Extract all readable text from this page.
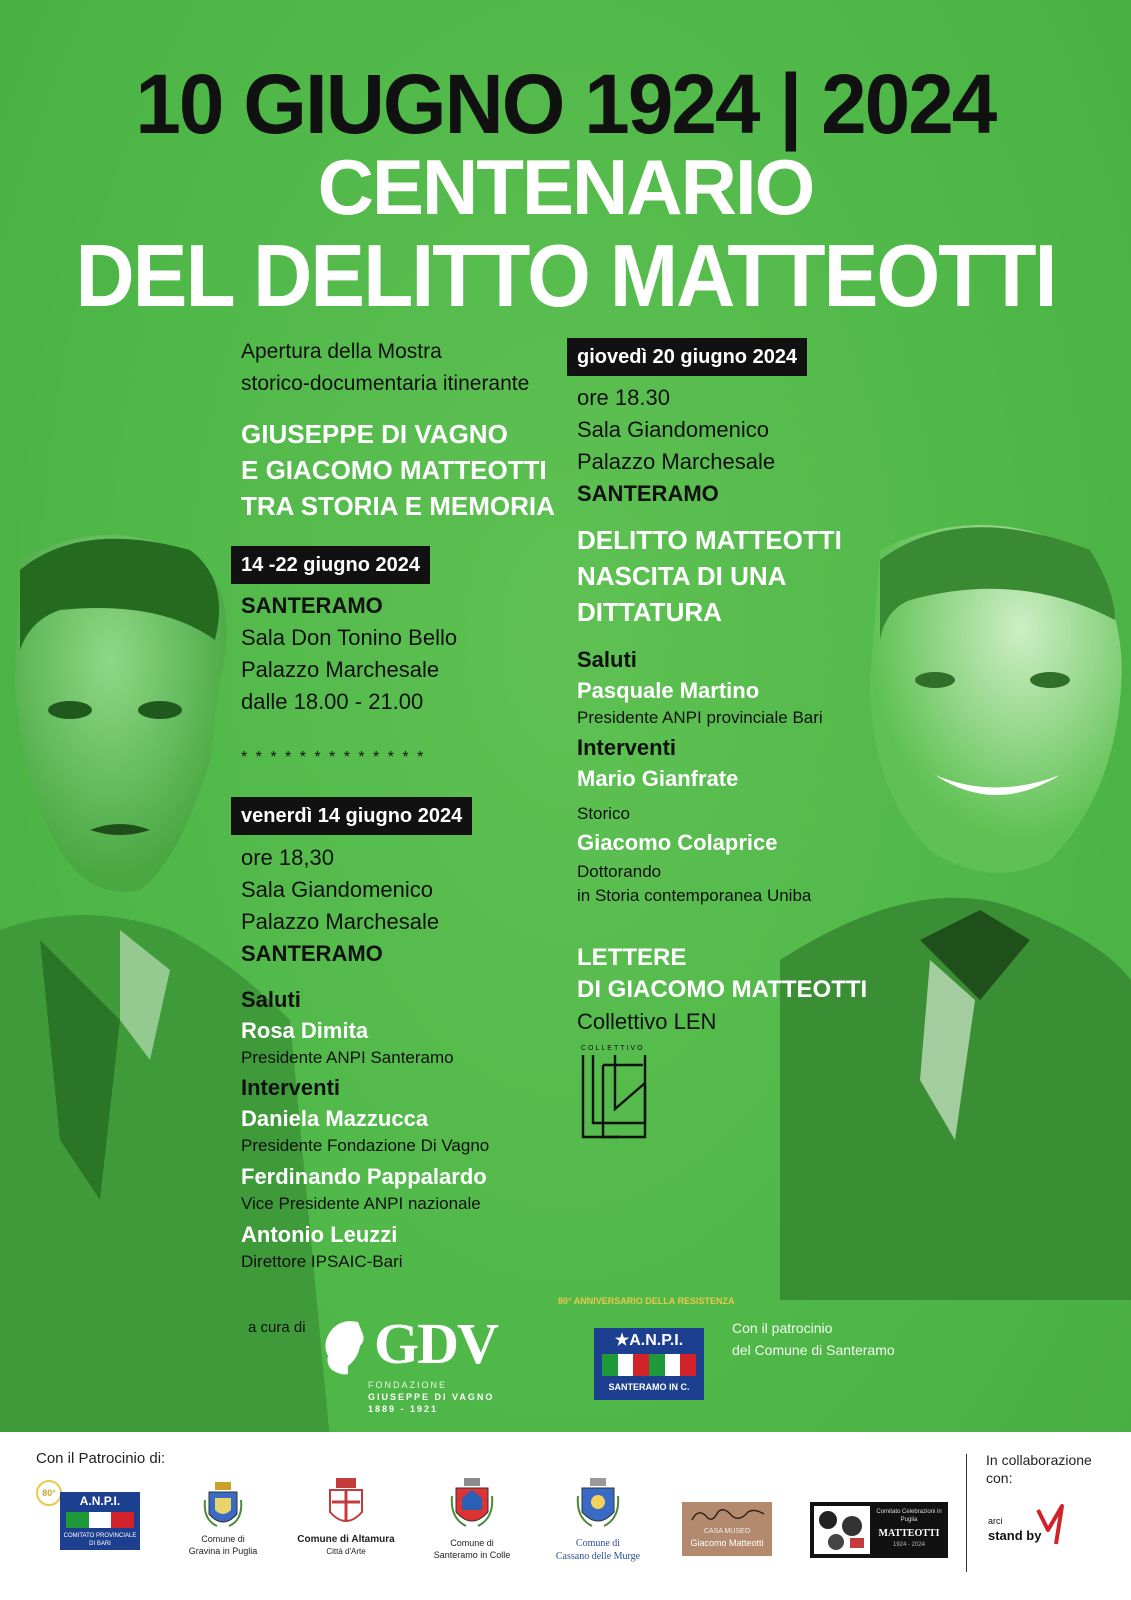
10 GIUGNO 1924 | 2024
CENTENARIO
DEL DELITTO MATTEOTTI
Apertura della Mostra
storico-documentaria itinerante
GIUSEPPE DI VAGNO
E GIACOMO MATTEOTTI
TRA STORIA E MEMORIA
14 -22 giugno 2024
SANTERAMO
Sala Don Tonino Bello
Palazzo Marchesale
dalle 18.00 - 21.00
* * * * * * * * * * * * *
venerdì 14 giugno 2024
ore 18,30
Sala Giandomenico
Palazzo Marchesale
SANTERAMO
Saluti
Rosa Dimita
Presidente ANPI Santeramo
Interventi
Daniela Mazzucca
Presidente Fondazione Di Vagno
Ferdinando Pappalardo
Vice Presidente ANPI nazionale
Antonio Leuzzi
Direttore IPSAIC-Bari
giovedì 20 giugno 2024
ore 18.30
Sala Giandomenico
Palazzo Marchesale
SANTERAMO
DELITTO MATTEOTTI
NASCITA DI UNA
DITTATURA
Saluti
Pasquale Martino
Presidente ANPI provinciale Bari
Interventi
Mario Gianfrate
Storico
Giacomo Colaprice
Dottorando
in Storia contemporanea Uniba
LETTERE
DI GIACOMO MATTEOTTI
Collettivo LEN
COLLETTIVO
a cura di GDV
FONDAZIONE
GIUSEPPE DI VAGNO
1889 - 1921
80° ANNIVERSARIO DELLA RESISTENZA
★A.N.P.I.
SANTERAMO IN C.
Con il patrocinio
del Comune di Santeramo
Con il Patrocinio di:
80°
A.N.P.I.
COMITATO PROVINCIALE DI BARI	Comune di
Gravina in Puglia
Comune di Altamura
Città d'Arte
Comune di
Santeramo in Colle
Comune di
Cassano delle Murge
CASA MUSEO
Giacomo Matteotti
Comitato Celebrazioni in Puglia
MATTEOTTI
1924 - 2024
In collaborazione
con:
arci
stand by
